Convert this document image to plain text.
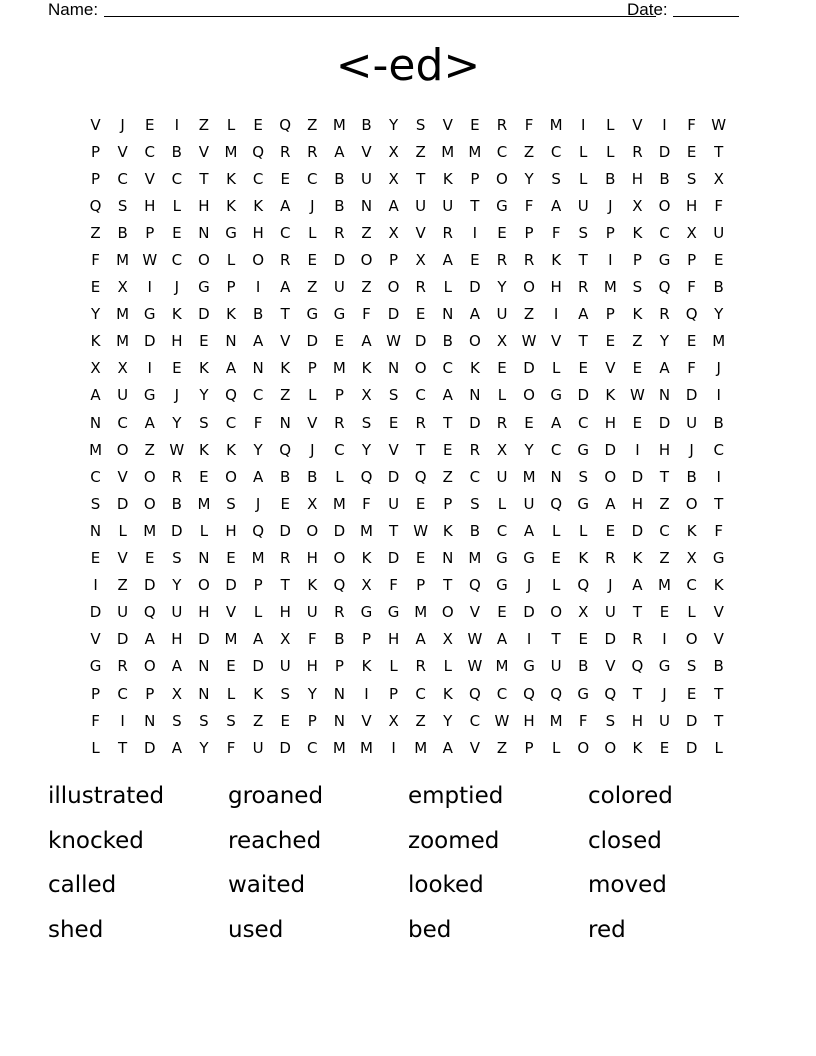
Name:	Date:
<-ed>
V	J	E	I	Z	L	E	Q	Z	M	B	Y	S	V	E	R	F	M	I	L	V	I	F	W
P	V	C	B	V	M Q	R	R	A	V	X	Z	M M	C	Z	C	L	L	R	D	E	T
P	C	V	C	T	K	C	E	C	B	U	X	T	K	P	O	Y	S	L	B	H	B	S	X
Q	S	H	L	H	K	K	A	J	B	N	A	U	U	T	G	F	A	U	J	X	O	H	F
Z	B	P	E	N	G	H	C	L	R	Z	X	V	R	I	E	P	F	S	P	K	C	X	U
F	M W C	O	L	O	R	E	D	O	P	X	A	E	R	R	K	T	I	P	G	P	E
E	X	I	J	G	P	I	A	Z	U	Z	O	R	L	D	Y	O	H	R	M	S	Q	F	B
Y	M G	K	D	K	B	T	G	G	F	D	E	N	A	U	Z	I	A	P	K	R	Q	Y
K	M D	H	E	N	A	V	D	E	A W D	B	O	X W V	T	E	Z	Y	E	M
X	X	I	E	K	A	N	K	P	M	K	N	O	C	K	E	D	L	E	V	E	A	F	J
A	U	G	J	Y	Q	C	Z	L	P	X	S	C	A	N	L	O	G	D	K W N	D	I
N	C	A	Y	S	C	F	N	V	R	S	E	R	T	D	R	E	A	C	H	E	D	U	B
M O	Z W K	K	Y	Q	J	C	Y	V	T	E	R	X	Y	C	G	D	I	H	J	C
C	V	O	R	E	O	A	B	B	L	Q	D	Q	Z	C	U	M	N	S	O	D	T	B	I
S	D	O	B	M	S	J	E	X	M	F	U	E	P	S	L	U	Q	G	A	H	Z	O	T
N	L	M D	L	H	Q	D	O	D M	T	W K	B	C	A	L	L	E	D	C	K	F
E	V	E	S	N	E	M	R	H	O	K	D	E	N	M G	G	E	K	R	K	Z	X	G
I	Z	D	Y	O	D	P	T	K	Q	X	F	P	T	Q	G	J	L	Q	J	A	M	C	K
D	U	Q	U	H	V	L	H	U	R	G	G M O	V	E	D	O	X	U	T	E	L	V
V	D	A	H	D M	A	X	F	B	P	H	A	X W A	I	T	E	D	R	I	O	V
G	R	O	A	N	E	D	U	H	P	K	L	R	L	W M G	U	B	V	Q	G	S	B
P	C	P	X	N	L	K	S	Y	N	I	P	C	K	Q	C	Q	Q	G	Q	T	J	E	T
F	I	N	S	S	S	Z	E	P	N	V	X	Z	Y	C W H M	F	S	H	U	D	T
L	T	D	A	Y	F	U	D	C	M M	I	M	A	V	Z	P	L	O	O	K	E	D	L
illustrated	groaned	emptied	colored
knocked	reached	zoomed	closed
called	waited	looked	moved
shed	used	bed	red
